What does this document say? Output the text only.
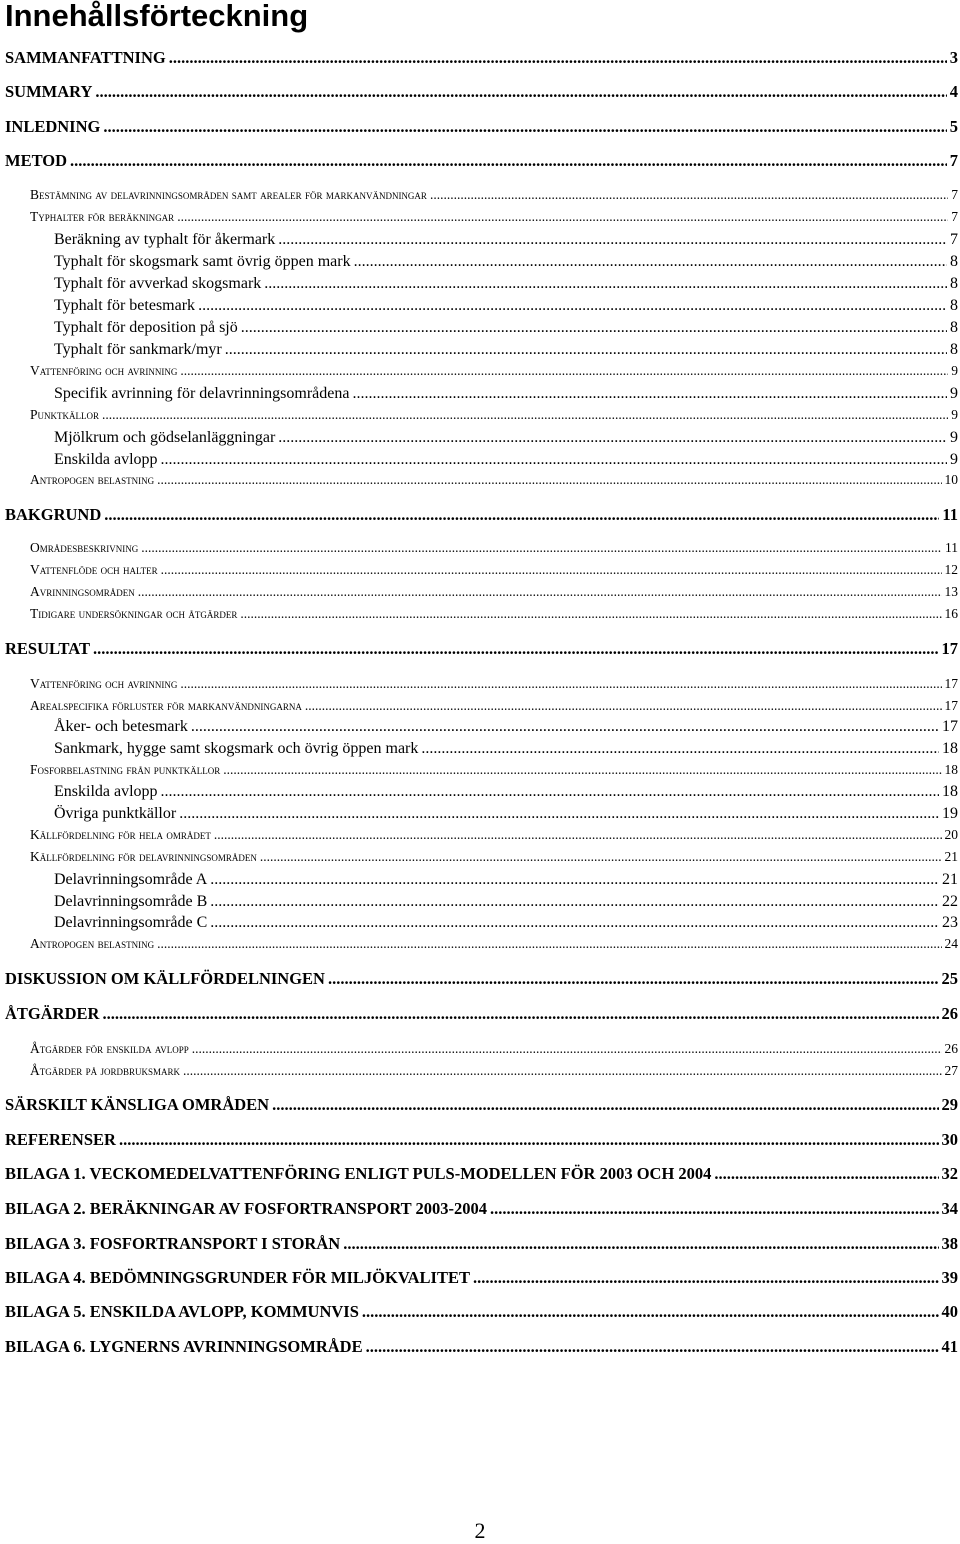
Innehållsförteckning
SAMMANFATTNING .....	3
SUMMARY .....	4
INLEDNING .....	5
METOD .....	7
Bestämning av delavrinningsområden samt arealer för markanvändningar .....	7
Typhalter för beräkningar .....	7
Beräkning av typhalt för åkermark .....	7
Typhalt för skogsmark samt övrig öppen mark .....	8
Typhalt för avverkad skogsmark .....	8
Typhalt för betesmark .....	8
Typhalt för deposition på sjö .....	8
Typhalt för sankmark/myr .....	8
Vattenföring och avrinning .....	9
Specifik avrinning för delavrinningsområdena .....	9
Punktkällor .....	9
Mjölkrum och gödselanläggningar .....	9
Enskilda avlopp .....	9
Antropogen belastning .....	10
BAKGRUND .....	11
Områdesbeskrivning .....	11
Vattenflöde och halter .....	12
Avrinningsområden .....	13
Tidigare undersökningar och åtgärder .....	16
RESULTAT .....	17
Vattenföring och avrinning .....	17
Arealspecifika förluster för markanvändningarna .....	17
Åker- och betesmark .....	17
Sankmark, hygge samt skogsmark och övrig öppen mark .....	18
Fosforbelastning från punktkällor .....	18
Enskilda avlopp .....	18
Övriga punktkällor .....	19
Källfördelning för hela området .....	20
Källfördelning för delavrinningsområden .....	21
Delavrinningsområde A .....	21
Delavrinningsområde B .....	22
Delavrinningsområde C .....	23
Antropogen belastning .....	24
DISKUSSION OM KÄLLFÖRDELNINGEN .....	25
ÅTGÄRDER .....	26
Åtgärder för enskilda avlopp .....	26
Åtgärder på jordbruksmark .....	27
SÄRSKILT KÄNSLIGA OMRÅDEN .....	29
REFERENSER .....	30
BILAGA 1. VECKOMEDELVATTENFÖRING ENLIGT PULS-MODELLEN FÖR 2003 OCH 2004 .....	32
BILAGA 2. BERÄKNINGAR AV FOSFORTRANSPORT 2003-2004 .....	34
BILAGA 3. FOSFORTRANSPORT I STORÅN .....	38
BILAGA 4. BEDÖMNINGSGRUNDER FÖR MILJÖKVALITET .....	39
BILAGA 5. ENSKILDA AVLOPP, KOMMUNVIS .....	40
BILAGA 6. LYGNERNS AVRINNINGSOMRÅDE .....	41
2
